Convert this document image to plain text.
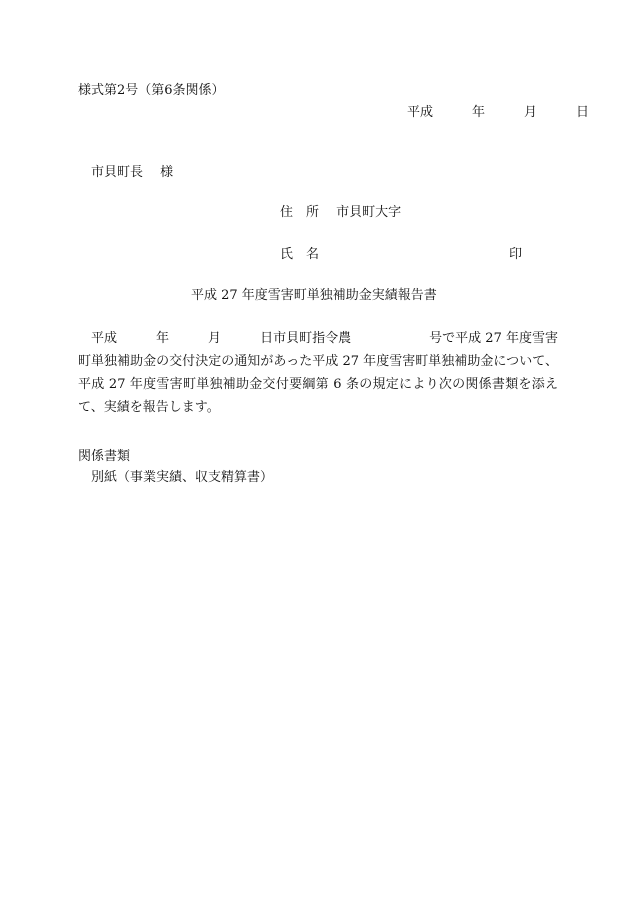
様式第2号（第6条関係）
平成　　　年　　　月　　　日
市貝町長　 様
住　所　 市貝町大字
氏　名	印
平成 27 年度雪害町単独補助金実績報告書
平成　　　年　　　月　　　日市貝町指令農　　　　　　号で平成 27 年度雪害町単独補助金の交付決定の通知があった平成 27 年度雪害町単独補助金について、平成 27 年度雪害町単独補助金交付要綱第 6 条の規定により次の関係書類を添えて、実績を報告します。
関係書類
別紙（事業実績、収支精算書）
